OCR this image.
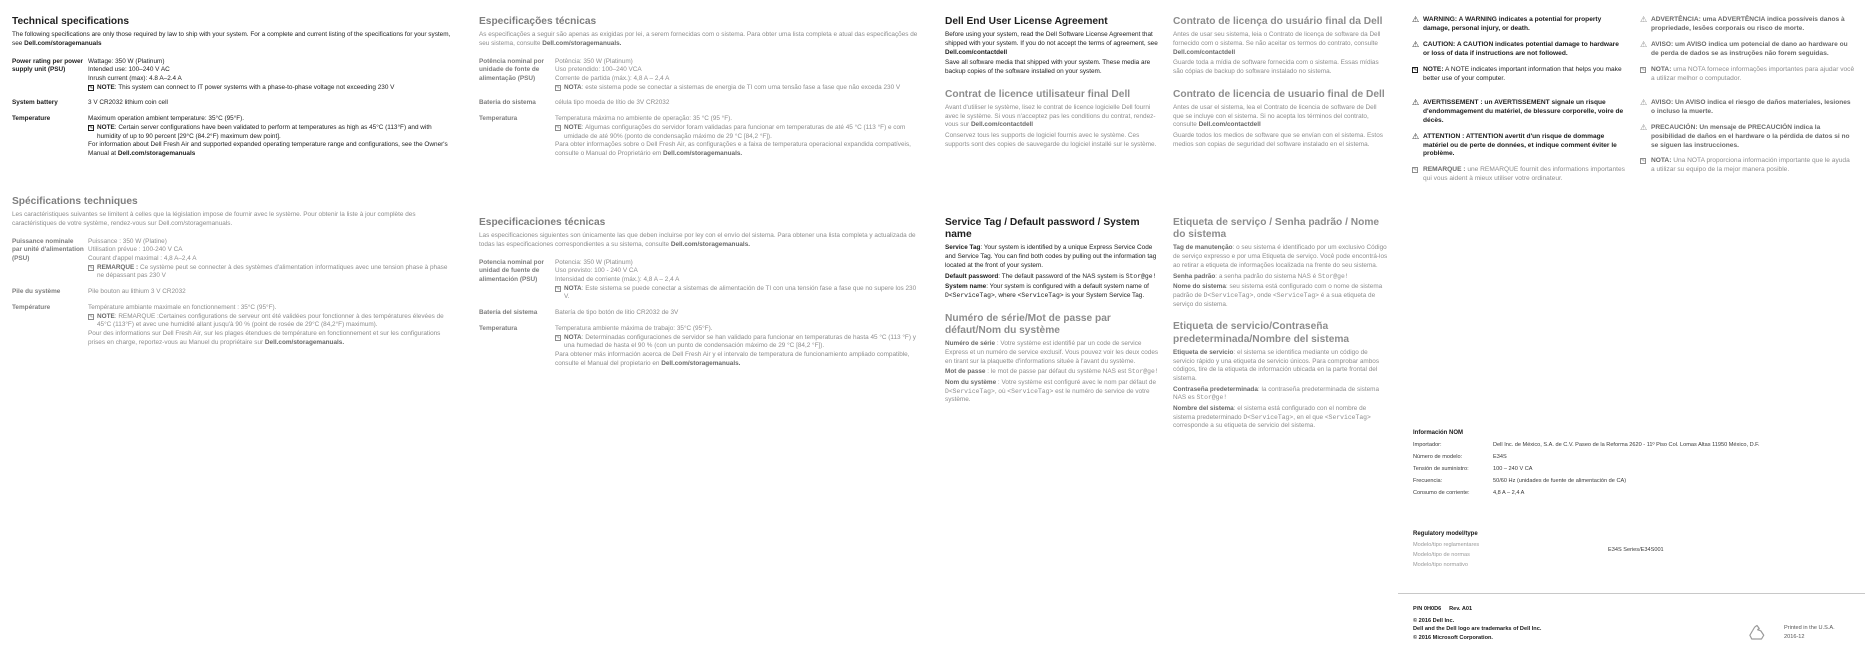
Technical specifications

The following specifications are only those required by law to ship with your system. For a complete and current listing of the specifications for your system, see Dell.com/storagemanuals

Power rating per power supply unit (PSU)	Wattage: 350 W (Platinum)
Intended use: 100–240 V AC
Inrush current (max): 4.8 A–2.4 A
✎ NOTE: This system can connect to IT power systems with a phase-to-phase voltage not exceeding 230 V

System battery	3 V CR2032 lithium coin cell
Temperature	Maximum operation ambient temperature: 35°C (95°F).
✎ NOTE: Certain server configurations have been validated to perform at temperatures as high as 45°C (113°F) and with humidity of up to 90 percent [29°C (84.2°F) maximum dew point].
For information about Dell Fresh Air and supported expanded operating temperature range and configurations, see the Owner's Manual at Dell.com/storagemanuals
Spécifications techniques

Les caractéristiques suivantes se limitent à celles que la législation impose de fournir avec le système. Pour obtenir la liste à jour complète des caractéristiques de votre système, rendez-vous sur Dell.com/storagemanuals.

Puissance nominale par unité d'alimentation (PSU)	Puissance : 350 W (Platine)
Utilisation prévue : 100-240 V CA
Courant d'appel maximal : 4,8 A–2,4 A
✎ REMARQUE : Ce système peut se connecter à des systèmes d'alimentation informatiques avec une tension phase à phase ne dépassant pas 230 V

Pile du système	Pile bouton au lithium 3 V CR2032
Température	Température ambiante maximale en fonctionnement : 35°C (95°F).
✎ NOTE: REMARQUE :Certaines configurations de serveur ont été validées pour fonctionner à des températures élevées de 45°C (113°F) et avec une humidité allant jusqu'à 90 % (point de rosée de 29°C (84,2°F) maximum).
Pour des informations sur Dell Fresh Air, sur les plages étendues de température en fonctionnement et sur les configurations prises en charge, reportez-vous au Manuel du propriétaire sur Dell.com/storagemanuals.
Especificações técnicas

As especificações a seguir são apenas as exigidas por lei, a serem fornecidas com o sistema. Para obter uma lista completa e atual das especificações de seu sistema, consulte Dell.com/storagemanuals.

Potência nominal por unidade de fonte de alimentação (PSU)	Potência: 350 W (Platinum)
Uso pretendido: 100–240 VCA
Corrente de partida (máx.): 4,8 A – 2,4 A
✎ NOTA: este sistema pode se conectar a sistemas de energia de TI com uma tensão fase a fase que não exceda 230 V

Bateria do sistema	célula tipo moeda de lítio de 3V CR2032
Temperatura	Temperatura máxima no ambiente de operação: 35 °C (95 °F).
✎ NOTE: Algumas configurações do servidor foram validadas para funcionar em temperaturas de até 45 °C (113 °F) e com umidade de até 90% (ponto de condensação máximo de 29 °C [84,2 °F]).
Para obter informações sobre o Dell Fresh Air, as configurações e a faixa de temperatura operacional expandida compatíveis, consulte o Manual do Proprietário em Dell.com/storagemanuals.
Especificaciones técnicas

Las especificaciones siguientes son únicamente las que deben incluirse por ley con el envío del sistema. Para obtener una lista completa y actualizada de todas las especificaciones correspondientes a su sistema, consulte Dell.com/storagemanuals.

Potencia nominal por unidad de fuente de alimentación (PSU)	Potencia: 350 W (Platinum)
Uso previsto: 100 - 240 V CA
Intensidad de corriente (máx.): 4,8 A – 2,4 A
✎ NOTA: Este sistema se puede conectar a sistemas de alimentación de TI con una tensión fase a fase que no supere los 230 V.

Batería del sistema	Batería de tipo botón de litio CR2032 de 3V
Temperatura	Temperatura ambiente máxima de trabajo: 35°C (95°F).
✎ NOTA: Determinadas configuraciones de servidor se han validado para funcionar en temperaturas de hasta 45 °C (113 °F) y una humedad de hasta el 90 % (con un punto de condensación máximo de 29 °C [84,2 °F]).
Para obtener más información acerca de Dell Fresh Air y el intervalo de temperatura de funcionamiento ampliado compatible, consulte el Manual del propietario en Dell.com/storagemanuals.
Dell End User License Agreement

Before using your system, read the Dell Software License Agreement that shipped with your system. If you do not accept the terms of agreement, see Dell.com/contactdell

Save all software media that shipped with your system. These media are backup copies of the software installed on your system.

Contrat de licence utilisateur final Dell

Avant d'utiliser le système, lisez le contrat de licence logicielle Dell fourni avec le système. Si vous n'acceptez pas les conditions du contrat, rendez-vous sur Dell.com/contactdell

Conservez tous les supports de logiciel fournis avec le système. Ces supports sont des copies de sauvegarde du logiciel installé sur le système.

Service Tag / Default password / System name

Service Tag: Your system is identified by a unique Express Service Code and Service Tag. You can find both codes by pulling out the information tag located at the front of your system.

Default password: The default password of the NAS system is Stor@ge!

System name: Your system is configured with a default system name of D<ServiceTag>, where <ServiceTag> is your System Service Tag.

Numéro de série/Mot de passe par défaut/Nom du système

Numéro de série : Votre système est identifié par un code de service Express et un numéro de service exclusif. Vous pouvez voir les deux codes en tirant sur la plaquette d'informations située à l'avant du système.

Mot de passe : le mot de passe par défaut du système NAS est Stor@ge!

Nom du système : Votre système est configuré avec le nom par défaut de D<ServiceTag>, où <ServiceTag> est le numéro de service de votre système.

Contrato de licença do usuário final da Dell

Antes de usar seu sistema, leia o Contrato de licença de software da Dell fornecido com o sistema. Se não aceitar os termos do contrato, consulte Dell.com/contactdell

Guarde toda a mídia de software fornecida com o sistema. Essas mídias são cópias de backup do software instalado no sistema.

Contrato de licencia de usuario final de Dell

Antes de usar el sistema, lea el Contrato de licencia de software de Dell que se incluye con el sistema. Si no acepta los términos del contrato, consulte Dell.com/contactdell

Guarde todos los medios de software que se envían con el sistema. Estos medios son copias de seguridad del software instalado en el sistema.

Etiqueta de serviço / Senha padrão / Nome do sistema

Tag de manutenção: o seu sistema é identificado por um exclusivo Código de serviço expresso e por uma Etiqueta de serviço. Você pode encontrá-los ao retirar a etiqueta de informações localizada na frente do seu sistema.

Senha padrão: a senha padrão do sistema NAS é Stor@ge!

Nome do sistema: seu sistema está configurado com o nome de sistema padrão de D<ServiceTag>, onde <ServiceTag> é a sua etiqueta de serviço do sistema.

Etiqueta de servicio/Contraseña predeterminada/Nombre del sistema

Etiqueta de servicio: el sistema se identifica mediante un código de servicio rápido y una etiqueta de servicio únicos. Para comprobar ambos códigos, tire de la etiqueta de información ubicada en la parte frontal del sistema.

Contraseña predeterminada: la contraseña predeterminada de sistema NAS es Stor@ge!

Nombre del sistema: el sistema está configurado con el nombre de sistema predeterminado D<ServiceTag>, en el que <ServiceTag> corresponde a su etiqueta de servicio del sistema.

⚠ WARNING: A WARNING indicates a potential for property damage, personal injury, or death.
⚠ CAUTION: A CAUTION indicates potential damage to hardware or loss of data if instructions are not followed.
✎ NOTE: A NOTE indicates important information that helps you make better use of your computer.
⚠ AVERTISSEMENT : un AVERTISSEMENT signale un risque d'endommagement du matériel, de blessure corporelle, voire de décès.
⚠ ATTENTION : ATTENTION avertit d'un risque de dommage matériel ou de perte de données, et indique comment éviter le problème.
✎ REMARQUE : une REMARQUE fournit des informations importantes qui vous aident à mieux utiliser votre ordinateur.
⚠ ADVERTÊNCIA: uma ADVERTÊNCIA indica possíveis danos à propriedade, lesões corporais ou risco de morte.
⚠ AVISO: um AVISO indica um potencial de dano ao hardware ou de perda de dados se as instruções não forem seguidas.
✎ NOTA: uma NOTA fornece informações importantes para ajudar você a utilizar melhor o computador.
⚠ AVISO: Un AVISO indica el riesgo de daños materiales, lesiones o incluso la muerte.
⚠ PRECAUCIÓN: Un mensaje de PRECAUCIÓN indica la posibilidad de daños en el hardware o la pérdida de datos si no se siguen las instrucciones.
✎ NOTA: Una NOTA proporciona información importante que le ayuda a utilizar su equipo de la mejor manera posible.
Información NOM
Importador:	Dell Inc. de México, S.A. de C.V. Paseo de la Reforma 2620 - 11º Piso Col. Lomas Altas 11950 México, D.F.
Número de modelo:	E34S
Tensión de suministro:	100 – 240 V CA
Frecuencia:	50/60 Hz (unidades de fuente de alimentación de CA)
Consumo de corriente:	4,8 A – 2,4 A
Regulatory model/type
Modelo/tipo reglamentares
Modelo/tipo de normas
Modelo/tipo normativo
E34S Series/E34S001
P/N 0H0D6 Rev. A01
© 2016 Dell Inc.
Dell and the Dell logo are trademarks of Dell Inc.
© 2016 Microsoft Corporation.
Printed in the U.S.A.
2016-12
